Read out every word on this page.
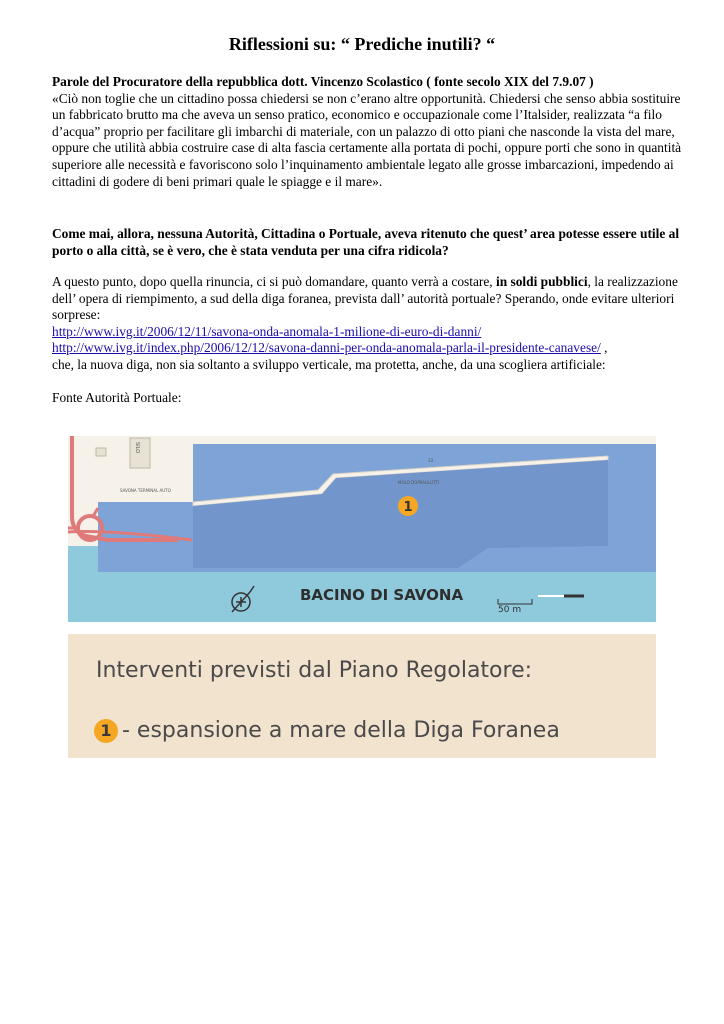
Riflessioni su: “ Prediche inutili? “
Parole del Procuratore della repubblica dott. Vincenzo Scolastico ( fonte secolo XIX del 7.9.07 )
«Ciò non toglie che un cittadino possa chiedersi se non c’erano altre opportunità. Chiedersi che senso abbia sostituire un fabbricato brutto ma che aveva un senso pratico, economico e occupazionale come l’Italsider, realizzata “a filo d’acqua” proprio per facilitare gli imbarchi di materiale, con un palazzo di otto piani che nasconde la vista del mare, oppure che utilità abbia costruire case di alta fascia certamente alla portata di pochi, oppure porti che sono in quantità superiore alle necessità e favoriscono solo l’inquinamento ambientale legato alle grosse imbarcazioni, impedendo ai cittadini di godere di beni primari quale le spiagge e il mare».
Come mai, allora, nessuna Autorità, Cittadina o Portuale, aveva ritenuto che quest’ area potesse essere utile al porto o alla città, se è vero, che è stata venduta per una cifra ridicola?
A questo punto, dopo quella rinuncia, ci si può domandare, quanto verrà a costare, in soldi pubblici, la realizzazione dell’ opera di riempimento, a sud della diga foranea, prevista dall’ autorità portuale? Sperando, onde evitare ulteriori sorprese:
http://www.ivg.it/2006/12/11/savona-onda-anomala-1-milione-di-euro-di-danni/
http://www.ivg.it/index.php/2006/12/12/savona-danni-per-onda-anomala-parla-il-presidente-canavese/ ,
che, la nuova diga, non sia soltanto a sviluppo verticale, ma protetta, anche, da una scogliera artificiale:
Fonte Autorità Portuale:
SILO
SAVONA TERMINAL AUTO
MOLO DOPRAGLUTTI
33
1
BACINO DI SAVONA
50 m
Interventi previsti dal Piano Regolatore:
1 - espansione a mare della Diga Foranea
